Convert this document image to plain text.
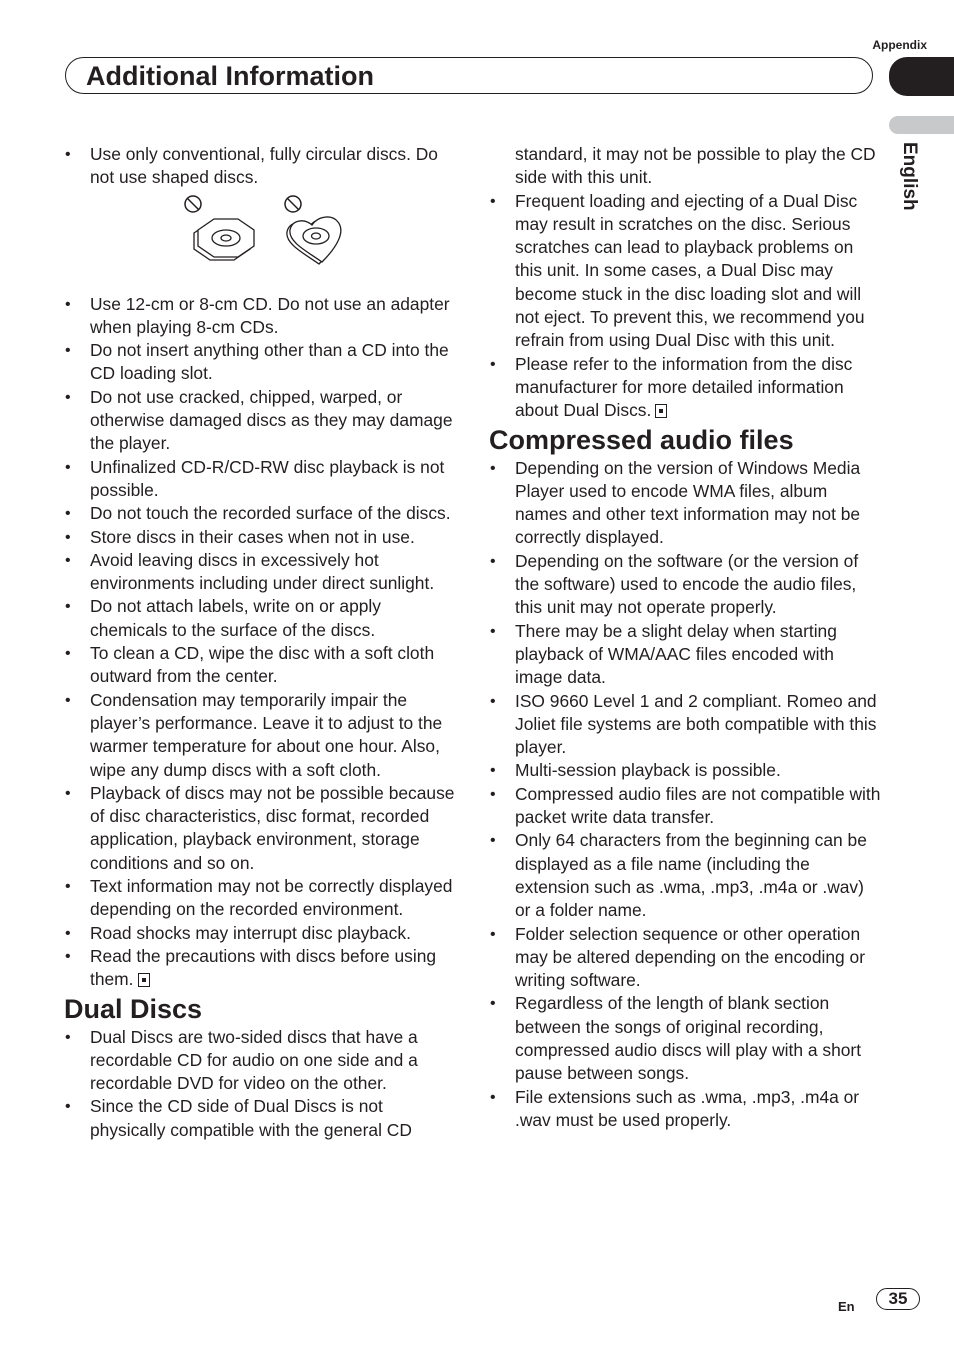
Appendix
Additional Information
English
• Use only conventional, fully circular discs. Do not use shaped discs.
• Use 12-cm or 8-cm CD. Do not use an adapter when playing 8-cm CDs.
• Do not insert anything other than a CD into the CD loading slot.
• Do not use cracked, chipped, warped, or otherwise damaged discs as they may damage the player.
• Unfinalized CD-R/CD-RW disc playback is not possible.
• Do not touch the recorded surface of the discs.
• Store discs in their cases when not in use.
• Avoid leaving discs in excessively hot environments including under direct sunlight.
• Do not attach labels, write on or apply chemicals to the surface of the discs.
• To clean a CD, wipe the disc with a soft cloth outward from the center.
• Condensation may temporarily impair the player’s performance. Leave it to adjust to the warmer temperature for about one hour. Also, wipe any dump discs with a soft cloth.
• Playback of discs may not be possible because of disc characteristics, disc format, recorded application, playback environment, storage conditions and so on.
• Text information may not be correctly displayed depending on the recorded environment.
• Road shocks may interrupt disc playback.
• Read the precautions with discs before using them.
Dual Discs
• Dual Discs are two-sided discs that have a recordable CD for audio on one side and a recordable DVD for video on the other.
• Since the CD side of Dual Discs is not physically compatible with the general CD
standard, it may not be possible to play the CD side with this unit.
• Frequent loading and ejecting of a Dual Disc may result in scratches on the disc. Serious scratches can lead to playback problems on this unit. In some cases, a Dual Disc may become stuck in the disc loading slot and will not eject. To prevent this, we recommend you refrain from using Dual Disc with this unit.
• Please refer to the information from the disc manufacturer for more detailed information about Dual Discs.
Compressed audio files
• Depending on the version of Windows Media Player used to encode WMA files, album names and other text information may not be correctly displayed.
• Depending on the software (or the version of the software) used to encode the audio files, this unit may not operate properly.
• There may be a slight delay when starting playback of WMA/AAC files encoded with image data.
• ISO 9660 Level 1 and 2 compliant. Romeo and Joliet file systems are both compatible with this player.
• Multi-session playback is possible.
• Compressed audio files are not compatible with packet write data transfer.
• Only 64 characters from the beginning can be displayed as a file name (including the extension such as .wma, .mp3, .m4a or .wav) or a folder name.
• Folder selection sequence or other operation may be altered depending on the encoding or writing software.
• Regardless of the length of blank section between the songs of original recording, compressed audio discs will play with a short pause between songs.
• File extensions such as .wma, .mp3, .m4a or .wav must be used properly.
En	35
